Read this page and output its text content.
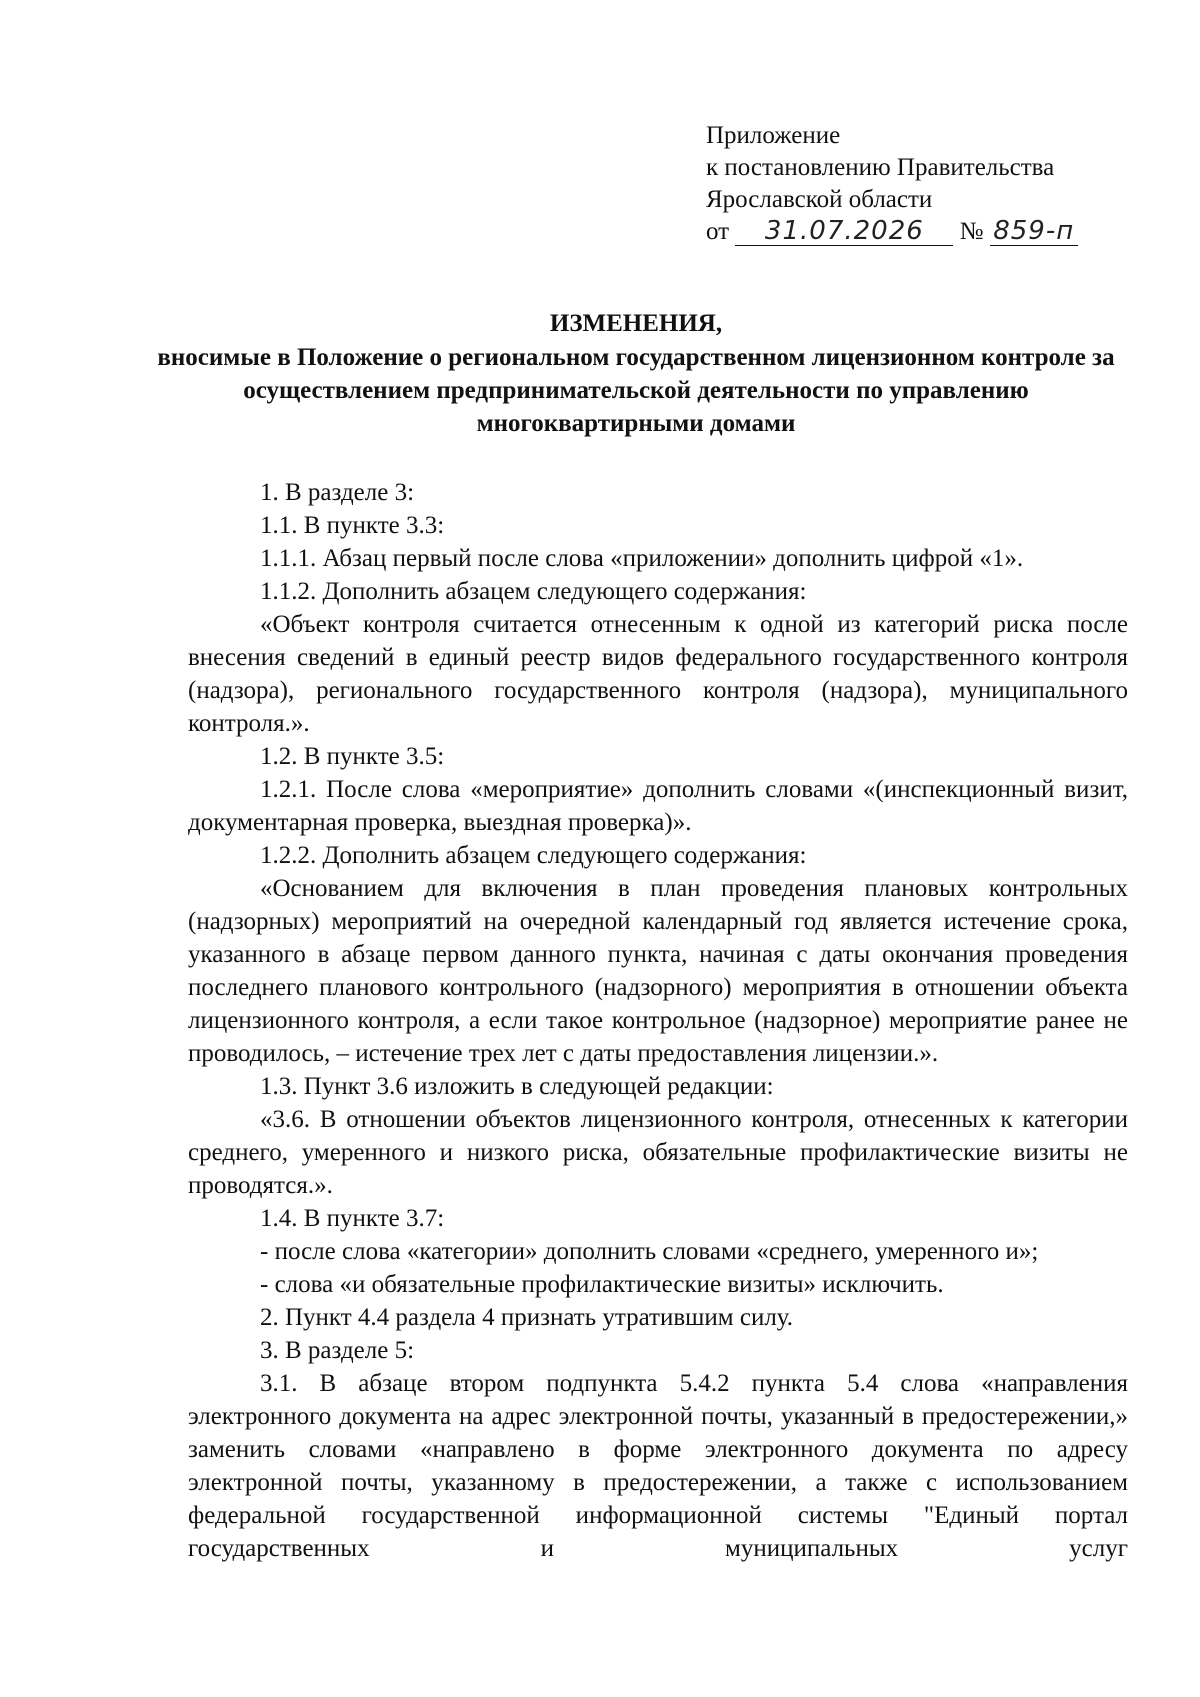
Приложение
к постановлению Правительства
Ярославской области
от 31.07.2026 № 859-п
ИЗМЕНЕНИЯ,
вносимые в Положение о региональном государственном лицензионном контроле за осуществлением предпринимательской деятельности по управлению многоквартирными домами

1. В разделе 3:

1.1. В пункте 3.3:

1.1.1. Абзац первый после слова «приложении» дополнить цифрой «1».

1.1.2. Дополнить абзацем следующего содержания:

«Объект контроля считается отнесенным к одной из категорий риска после внесения сведений в единый реестр видов федерального государственного контроля (надзора), регионального государственного контроля (надзора), муниципального контроля.».

1.2. В пункте 3.5:

1.2.1. После слова «мероприятие» дополнить словами «(инспекционный визит, документарная проверка, выездная проверка)».

1.2.2. Дополнить абзацем следующего содержания:

«Основанием для включения в план проведения плановых контрольных (надзорных) мероприятий на очередной календарный год является истечение срока, указанного в абзаце первом данного пункта, начиная с даты окончания проведения последнего планового контрольного (надзорного) мероприятия в отношении объекта лицензионного контроля, а если такое контрольное (надзорное) мероприятие ранее не проводилось, – истечение трех лет с даты предоставления лицензии.».

1.3. Пункт 3.6 изложить в следующей редакции:

«3.6. В отношении объектов лицензионного контроля, отнесенных к категории среднего, умеренного и низкого риска, обязательные профилактические визиты не проводятся.».

1.4. В пункте 3.7:

- после слова «категории» дополнить словами «среднего, умеренного и»;

- слова «и обязательные профилактические визиты» исключить.

2. Пункт 4.4 раздела 4 признать утратившим силу.

3. В разделе 5:

3.1. В абзаце втором подпункта 5.4.2 пункта 5.4 слова «направления электронного документа на адрес электронной почты, указанный в предостережении,» заменить словами «направлено в форме электронного документа по адресу электронной почты, указанному в предостережении, а также с использованием федеральной государственной информационной системы "Единый портал государственных и муниципальных услуг
